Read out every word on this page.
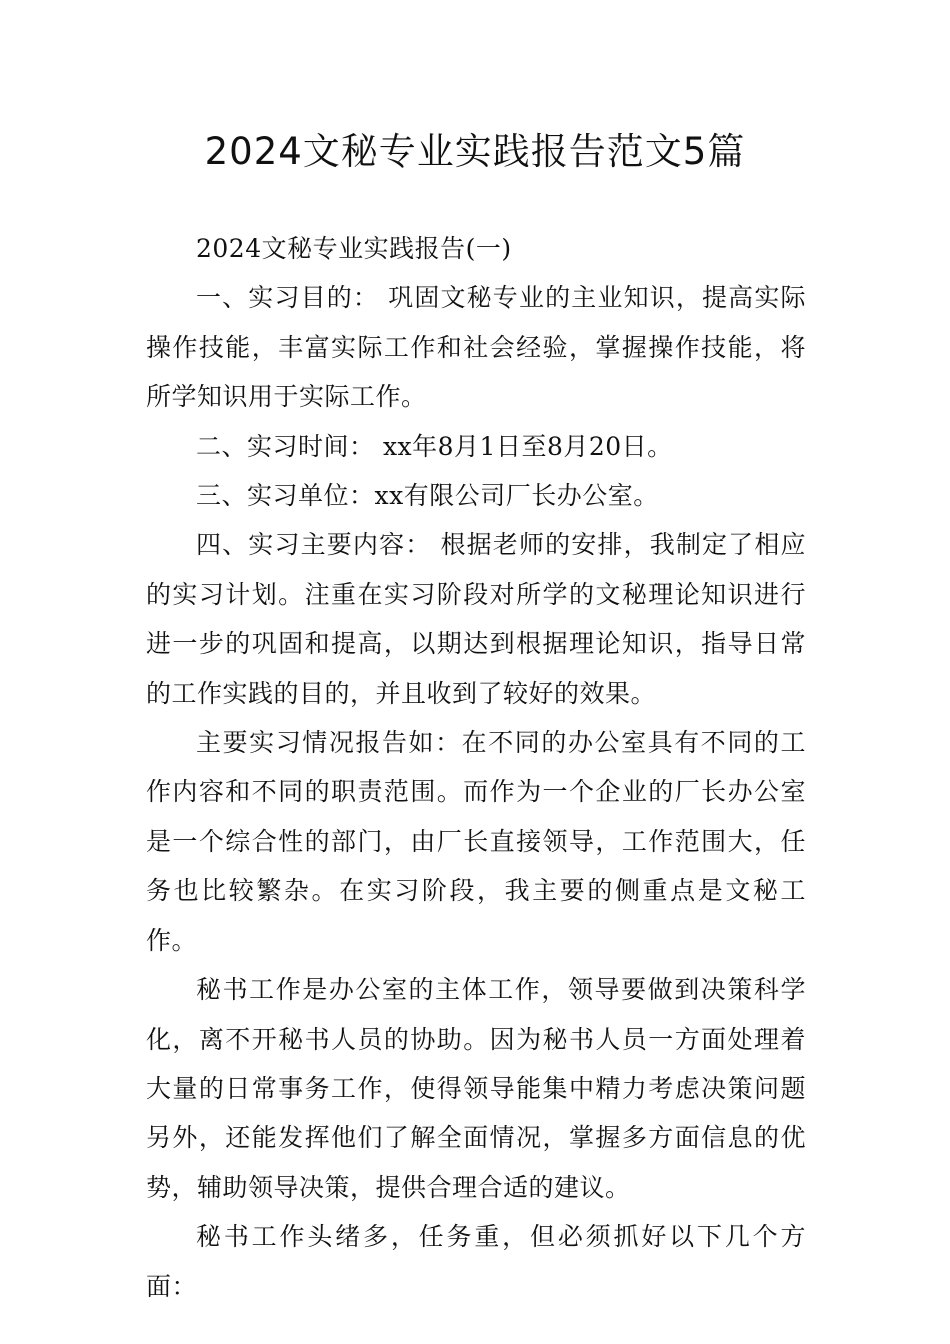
2024文秘专业实践报告范文5篇

2024文秘专业实践报告(一)

一、实习目的： 巩固文秘专业的主业知识，提高实际操作技能，丰富实际工作和社会经验，掌握操作技能，将所学知识用于实际工作。

二、实习时间： xx年8月1日至8月20日。

三、实习单位：xx有限公司厂长办公室。

四、实习主要内容： 根据老师的安排，我制定了相应的实习计划。注重在实习阶段对所学的文秘理论知识进行进一步的巩固和提高，以期达到根据理论知识，指导日常的工作实践的目的，并且收到了较好的效果。

主要实习情况报告如：在不同的办公室具有不同的工作内容和不同的职责范围。而作为一个企业的厂长办公室是一个综合性的部门，由厂长直接领导，工作范围大，任务也比较繁杂。在实习阶段，我主要的侧重点是文秘工作。

秘书工作是办公室的主体工作，领导要做到决策科学化，离不开秘书人员的协助。因为秘书人员一方面处理着大量的日常事务工作，使得领导能集中精力考虑决策问题另外，还能发挥他们了解全面情况，掌握多方面信息的优势，辅助领导决策，提供合理合适的建议。

秘书工作头绪多，任务重，但必须抓好以下几个方面：
